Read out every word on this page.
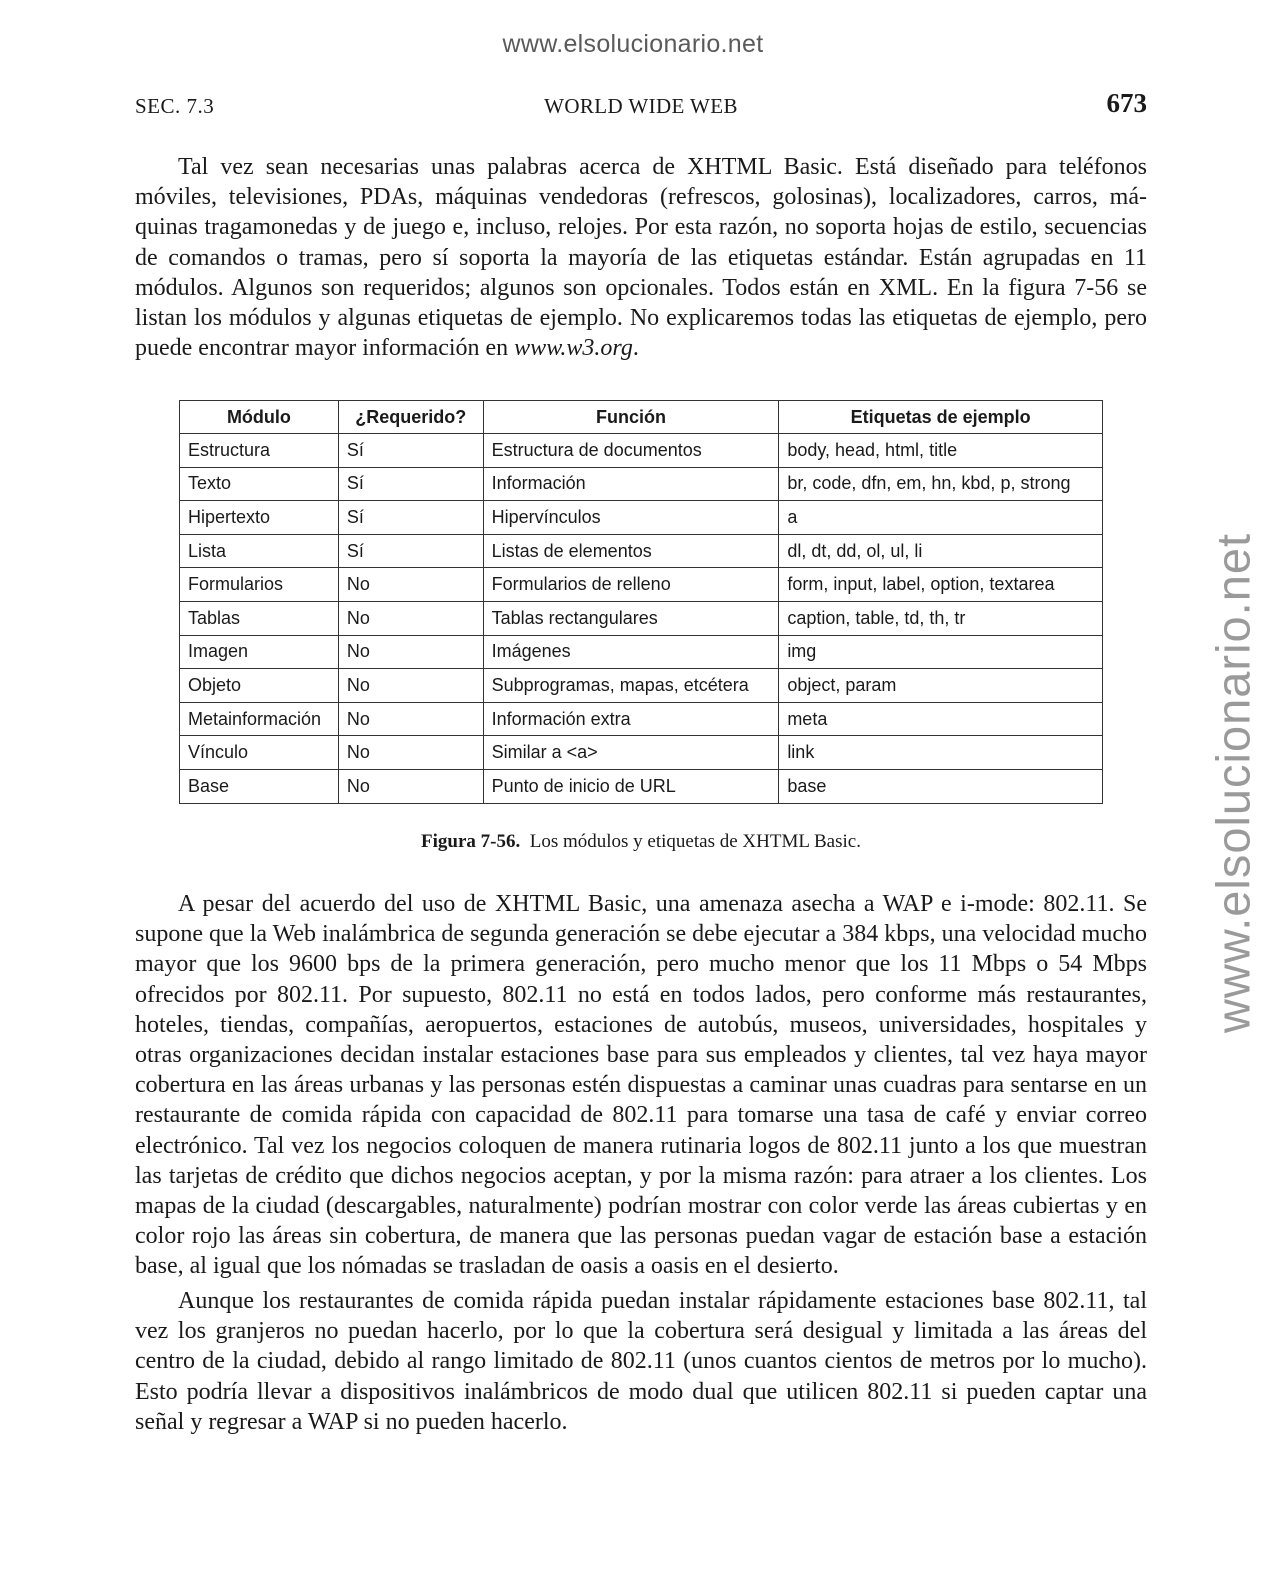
www.elsolucionario.net
www.elsolucionario.net
SEC. 7.3	WORLD WIDE WEB	673

Tal vez sean necesarias unas palabras acerca de XHTML Basic. Está diseñado para teléfonos móviles, televisiones, PDAs, máquinas vendedoras (refrescos, golosinas), localizadores, carros, máquinas tragamonedas y de juego e, incluso, relojes. Por esta razón, no soporta hojas de estilo, secuencias de comandos o tramas, pero sí soporta la mayoría de las etiquetas estándar. Están agrupadas en 11 módulos. Algunos son requeridos; algunos son opcionales. Todos están en XML. En la figura 7-56 se listan los módulos y algunas etiquetas de ejemplo. No explicaremos todas las etiquetas de ejemplo, pero puede encontrar mayor información en www.w3.org.

Módulo	¿Requerido?	Función	Etiquetas de ejemplo
Estructura	Sí	Estructura de documentos	body, head, html, title
Texto	Sí	Información	br, code, dfn, em, hn, kbd, p, strong
Hipertexto	Sí	Hipervínculos	a
Lista	Sí	Listas de elementos	dl, dt, dd, ol, ul, li
Formularios	No	Formularios de relleno	form, input, label, option, textarea
Tablas	No	Tablas rectangulares	caption, table, td, th, tr
Imagen	No	Imágenes	img
Objeto	No	Subprogramas, mapas, etcétera	object, param
Metainformación	No	Información extra	meta
Vínculo	No	Similar a <a>	link
Base	No	Punto de inicio de URL	base
Figura 7-56. Los módulos y etiquetas de XHTML Basic.

A pesar del acuerdo del uso de XHTML Basic, una amenaza asecha a WAP e i-mode: 802.11. Se supone que la Web inalámbrica de segunda generación se debe ejecutar a 384 kbps, una velocidad mucho mayor que los 9600 bps de la primera generación, pero mucho menor que los 11 Mbps o 54 Mbps ofrecidos por 802.11. Por supuesto, 802.11 no está en todos lados, pero conforme más restaurantes, hoteles, tiendas, compañías, aeropuertos, estaciones de autobús, museos, universidades, hospitales y otras organizaciones decidan instalar estaciones base para sus empleados y clientes, tal vez haya mayor cobertura en las áreas urbanas y las personas estén dispuestas a caminar unas cuadras para sentarse en un restaurante de comida rápida con capacidad de 802.11 para tomarse una tasa de café y enviar correo electrónico. Tal vez los negocios coloquen de manera rutinaria logos de 802.11 junto a los que muestran las tarjetas de crédito que dichos negocios aceptan, y por la misma razón: para atraer a los clientes. Los mapas de la ciudad (descargables, naturalmente) podrían mostrar con color verde las áreas cubiertas y en color rojo las áreas sin cobertura, de manera que las personas puedan vagar de estación base a estación base, al igual que los nómadas se trasladan de oasis a oasis en el desierto.

Aunque los restaurantes de comida rápida puedan instalar rápidamente estaciones base 802.11, tal vez los granjeros no puedan hacerlo, por lo que la cobertura será desigual y limitada a las áreas del centro de la ciudad, debido al rango limitado de 802.11 (unos cuantos cientos de metros por lo mucho). Esto podría llevar a dispositivos inalámbricos de modo dual que utilicen 802.11 si pueden captar una señal y regresar a WAP si no pueden hacerlo.
